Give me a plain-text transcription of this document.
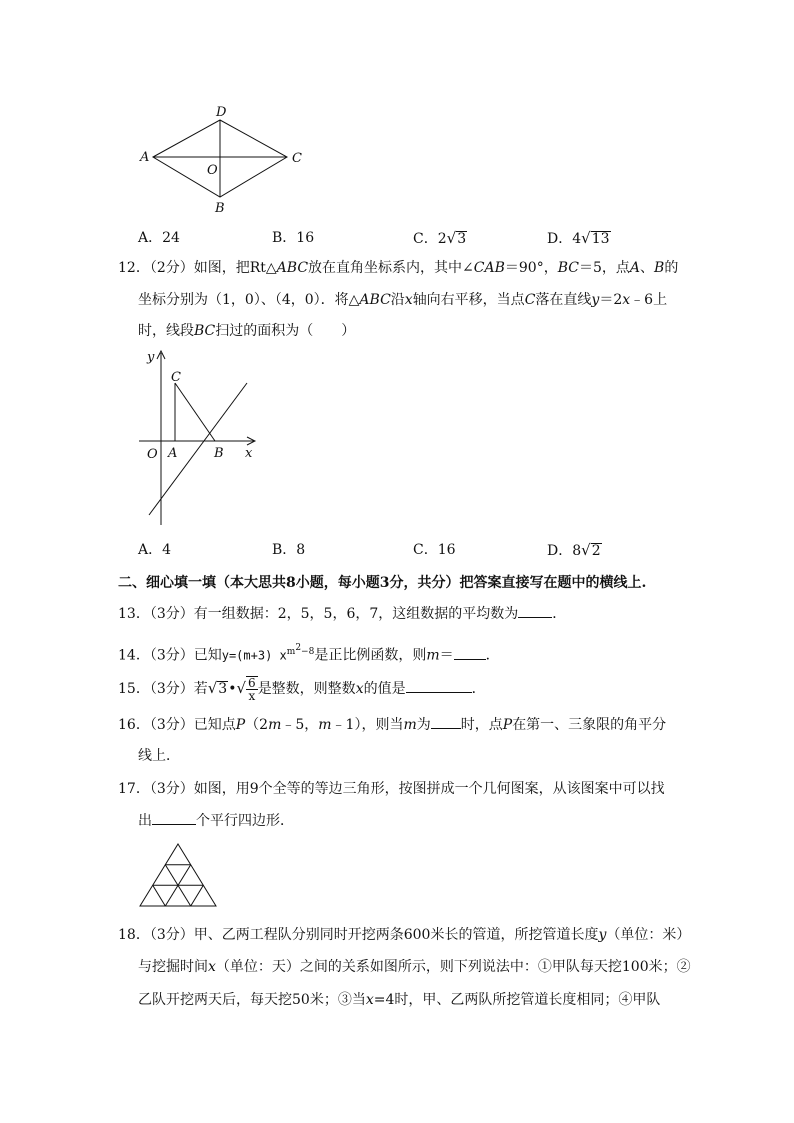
D
A	C
O
B
A．24	B．16	C．2√3	D．4√13
12．（2分）如图，把Rt△ABC放在直角坐标系内，其中∠CAB＝90°，BC＝5，点A、B的
坐标分别为（1，0）、（4，0）．将△ABC沿x轴向右平移，当点C落在直线y＝2x﹣6上
时，线段BC扫过的面积为（　　）
y
C
x
O A	B
A．4	B．8	C．16	D．8√2
二、细心填一填（本大思共8小题，每小题3分，共分）把答案直接写在题中的横线上.
13．（3分）有一组数据：2，5，5，6，7，这组数据的平均数为 ．
14．（3分）已知y=(m+3) $x^{m^2-8}$是正比例函数，则m＝ ．
15．（3分）若√3•√ $\frac{6}{x}$ 是整数，则整数x的值是	．
16．（3分）已知点P（2m﹣5，m﹣1），则当m为 时，点P在第一、三象限的角平分
线上．
17．（3分）如图，用9个全等的等边三角形，按图拼成一个几何图案，从该图案中可以找
出	个平行四边形．
18．（3分）甲、乙两工程队分别同时开挖两条600米长的管道，所挖管道长度y（单位：米）
与挖掘时间x（单位：天）之间的关系如图所示，则下列说法中：①甲队每天挖100米；②
乙队开挖两天后，每天挖50米；③当x=4时，甲、乙两队所挖管道长度相同；④甲队
